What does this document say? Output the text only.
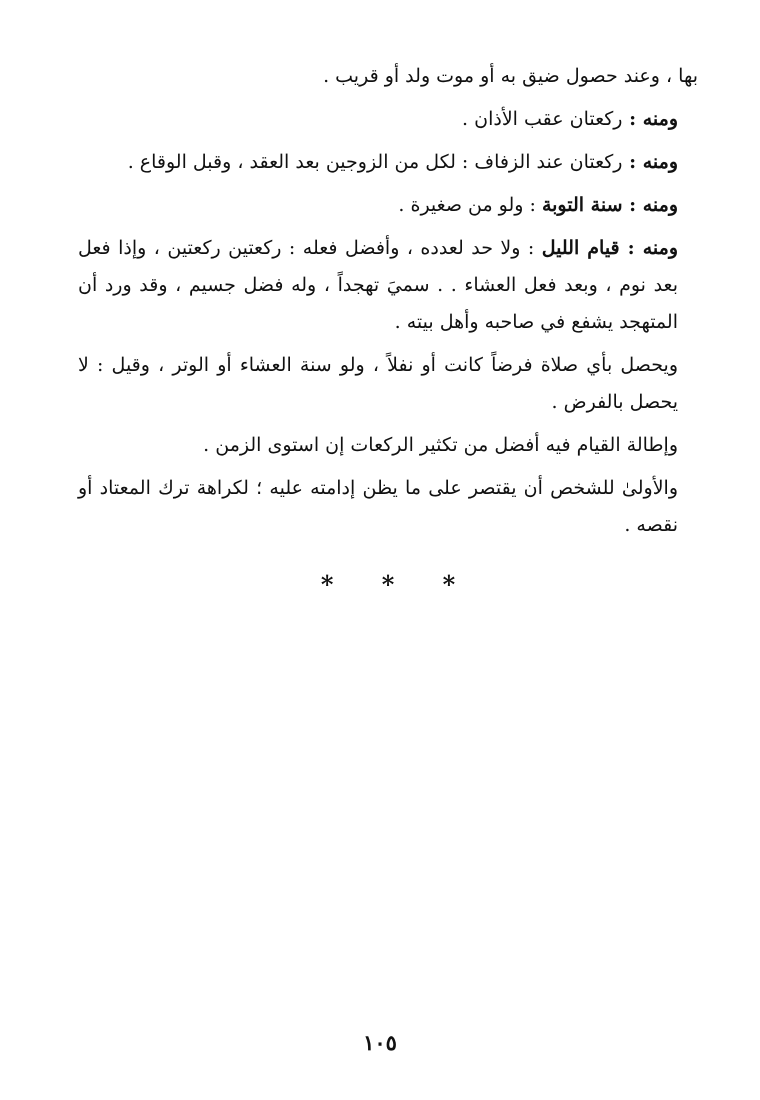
بها ، وعند حصول ضيق به أو موت ولد أو قريب .

ومنه : ركعتان عقب الأذان .

ومنه : ركعتان عند الزفاف : لكل من الزوجين بعد العقد ، وقبل الوقاع .

ومنه : سنة التوبة : ولو من صغيرة .

ومنه : قيام الليل : ولا حد لعدده ، وأفضل فعله : ركعتين ركعتين ، وإذا فعل بعد نوم ، وبعد فعل العشاء . . سميَ تهجداً ، وله فضل جسيم ، وقد ورد أن المتهجد يشفع في صاحبه وأهل بيته .

ويحصل بأي صلاة فرضاً كانت أو نفلاً ، ولو سنة العشاء أو الوتر ، وقيل : لا يحصل بالفرض .

وإطالة القيام فيه أفضل من تكثير الركعات إن استوى الزمن .

والأولىٰ للشخص أن يقتصر على ما يظن إدامته عليه ؛ لكراهة ترك المعتاد أو نقصه .

* * *
١٠٥
